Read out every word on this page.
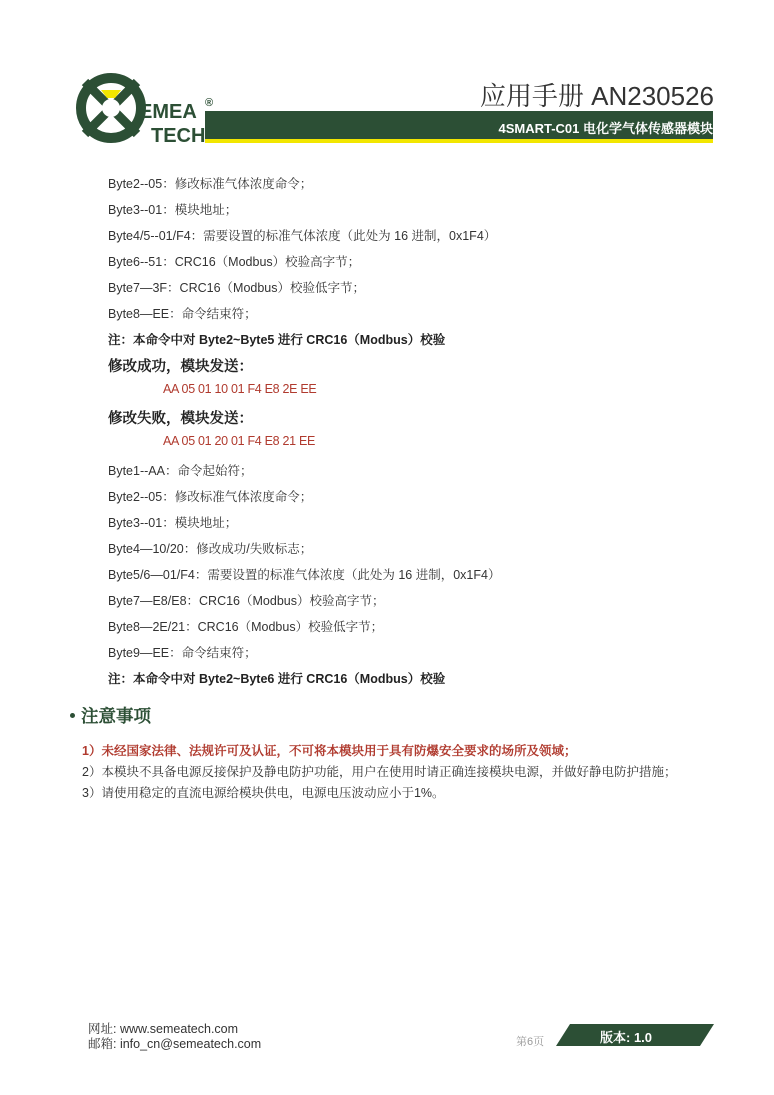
EMEA ®
TECH
应用手册 AN230526
4SMART-C01 电化学气体传感器模块
Byte2--05：修改标准气体浓度命令；
Byte3--01：模块地址；
Byte4/5--01/F4：需要设置的标准气体浓度（此处为 16 进制，0x1F4）
Byte6--51：CRC16（Modbus）校验高字节；
Byte7—3F：CRC16（Modbus）校验低字节；
Byte8—EE：命令结束符；
注：本命令中对 Byte2~Byte5 进行 CRC16（Modbus）校验
修改成功，模块发送：
AA 05 01 10 01 F4 E8 2E EE
修改失败，模块发送：
AA 05 01 20 01 F4 E8 21 EE
Byte1--AA：命令起始符；
Byte2--05：修改标准气体浓度命令；
Byte3--01：模块地址；
Byte4—10/20：修改成功/失败标志；
Byte5/6—01/F4：需要设置的标准气体浓度（此处为 16 进制，0x1F4）
Byte7—E8/E8：CRC16（Modbus）校验高字节；
Byte8—2E/21：CRC16（Modbus）校验低字节；
Byte9—EE：命令结束符；
注：本命令中对 Byte2~Byte6 进行 CRC16（Modbus）校验
注意事项
1）未经国家法律、法规许可及认证，不可将本模块用于具有防爆安全要求的场所及领域；
2）本模块不具备电源反接保护及静电防护功能，用户在使用时请正确连接模块电源，并做好静电防护措施；
3）请使用稳定的直流电源给模块供电，电源电压波动应小于1%。
网址: www.semeatech.com
邮箱: info_cn@semeatech.com	第6页	版本: 1.0
